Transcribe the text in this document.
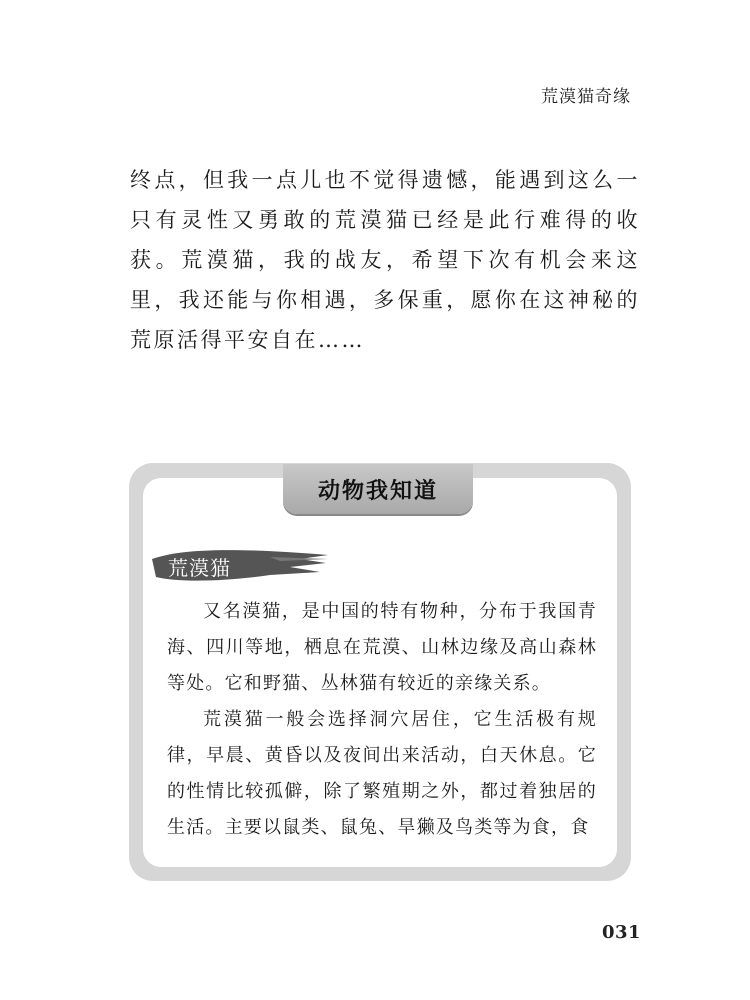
荒漠猫奇缘

终点，但我一点儿也不觉得遗憾，能遇到这么一只有灵性又勇敢的荒漠猫已经是此行难得的收获。荒漠猫，我的战友，希望下次有机会来这里，我还能与你相遇，多保重，愿你在这神秘的荒原活得平安自在……

动物我知道
荒漠猫

又名漠猫，是中国的特有物种，分布于我国青海、四川等地，栖息在荒漠、山林边缘及高山森林等处。它和野猫、丛林猫有较近的亲缘关系。

荒漠猫一般会选择洞穴居住，它生活极有规律，早晨、黄昏以及夜间出来活动，白天休息。它的性情比较孤僻，除了繁殖期之外，都过着独居的生活。主要以鼠类、鼠兔、旱獭及鸟类等为食，食

031
